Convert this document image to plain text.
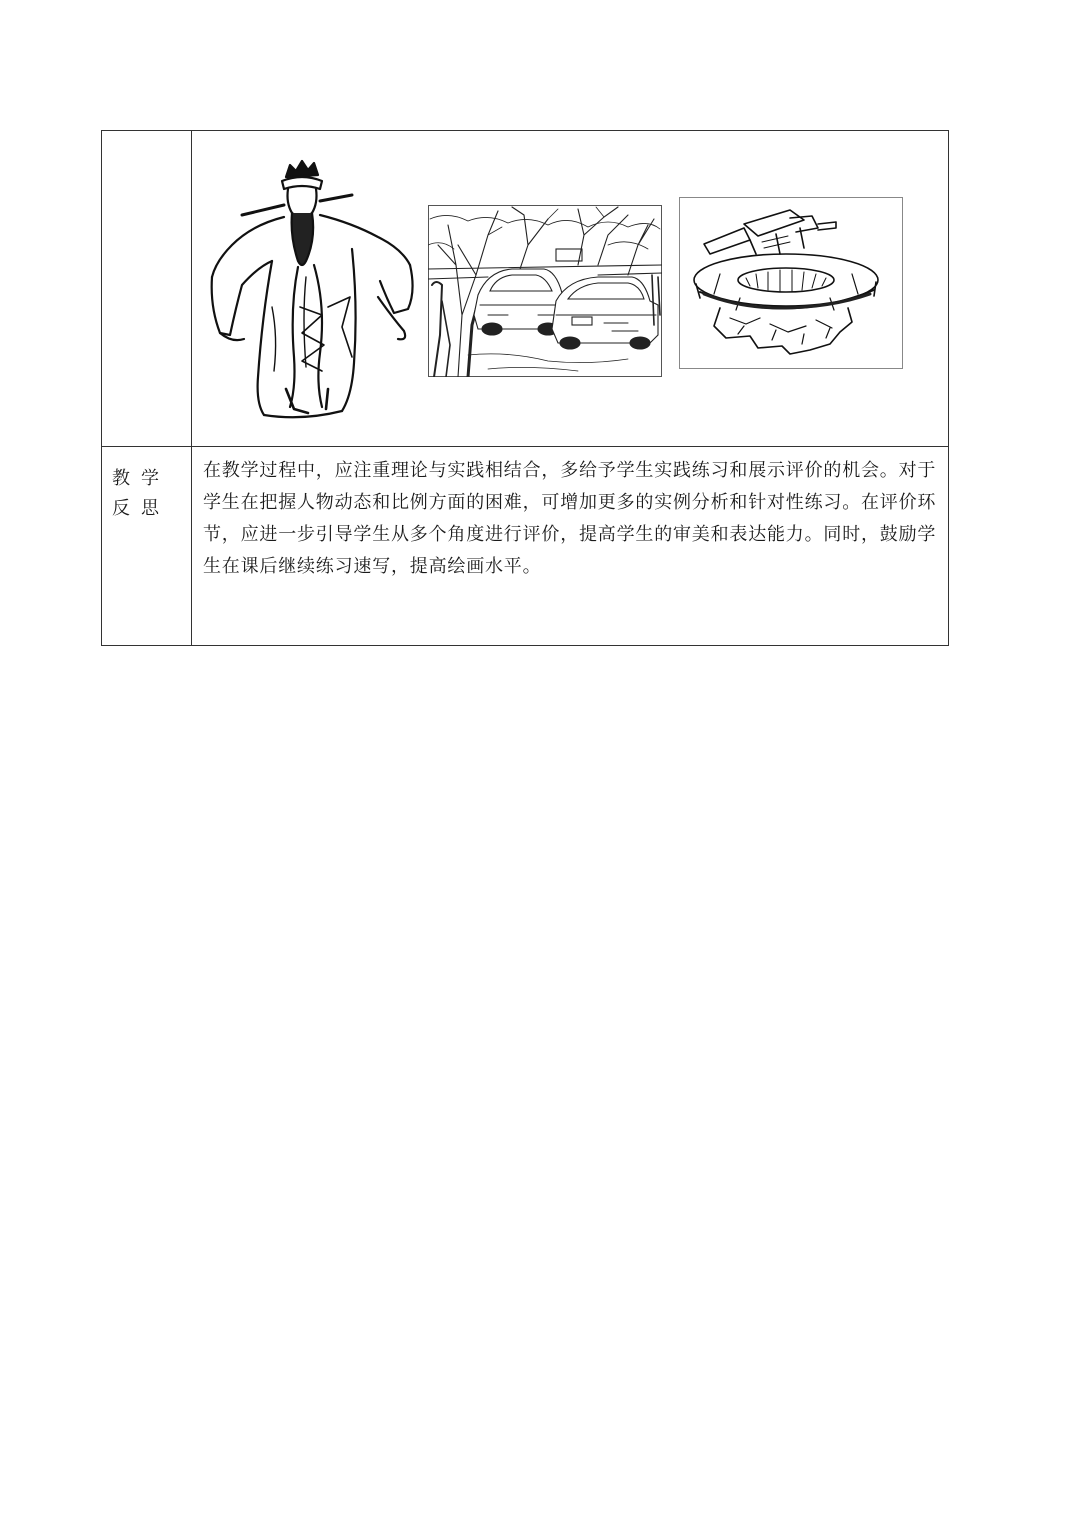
教学反思
在教学过程中，应注重理论与实践相结合，多给予学生实践练习和展示评价的机会。对于学生在把握人物动态和比例方面的困难，可增加更多的实例分析和针对性练习。在评价环节，应进一步引导学生从多个角度进行评价，提高学生的审美和表达能力。同时，鼓励学生在课后继续练习速写，提高绘画水平。
